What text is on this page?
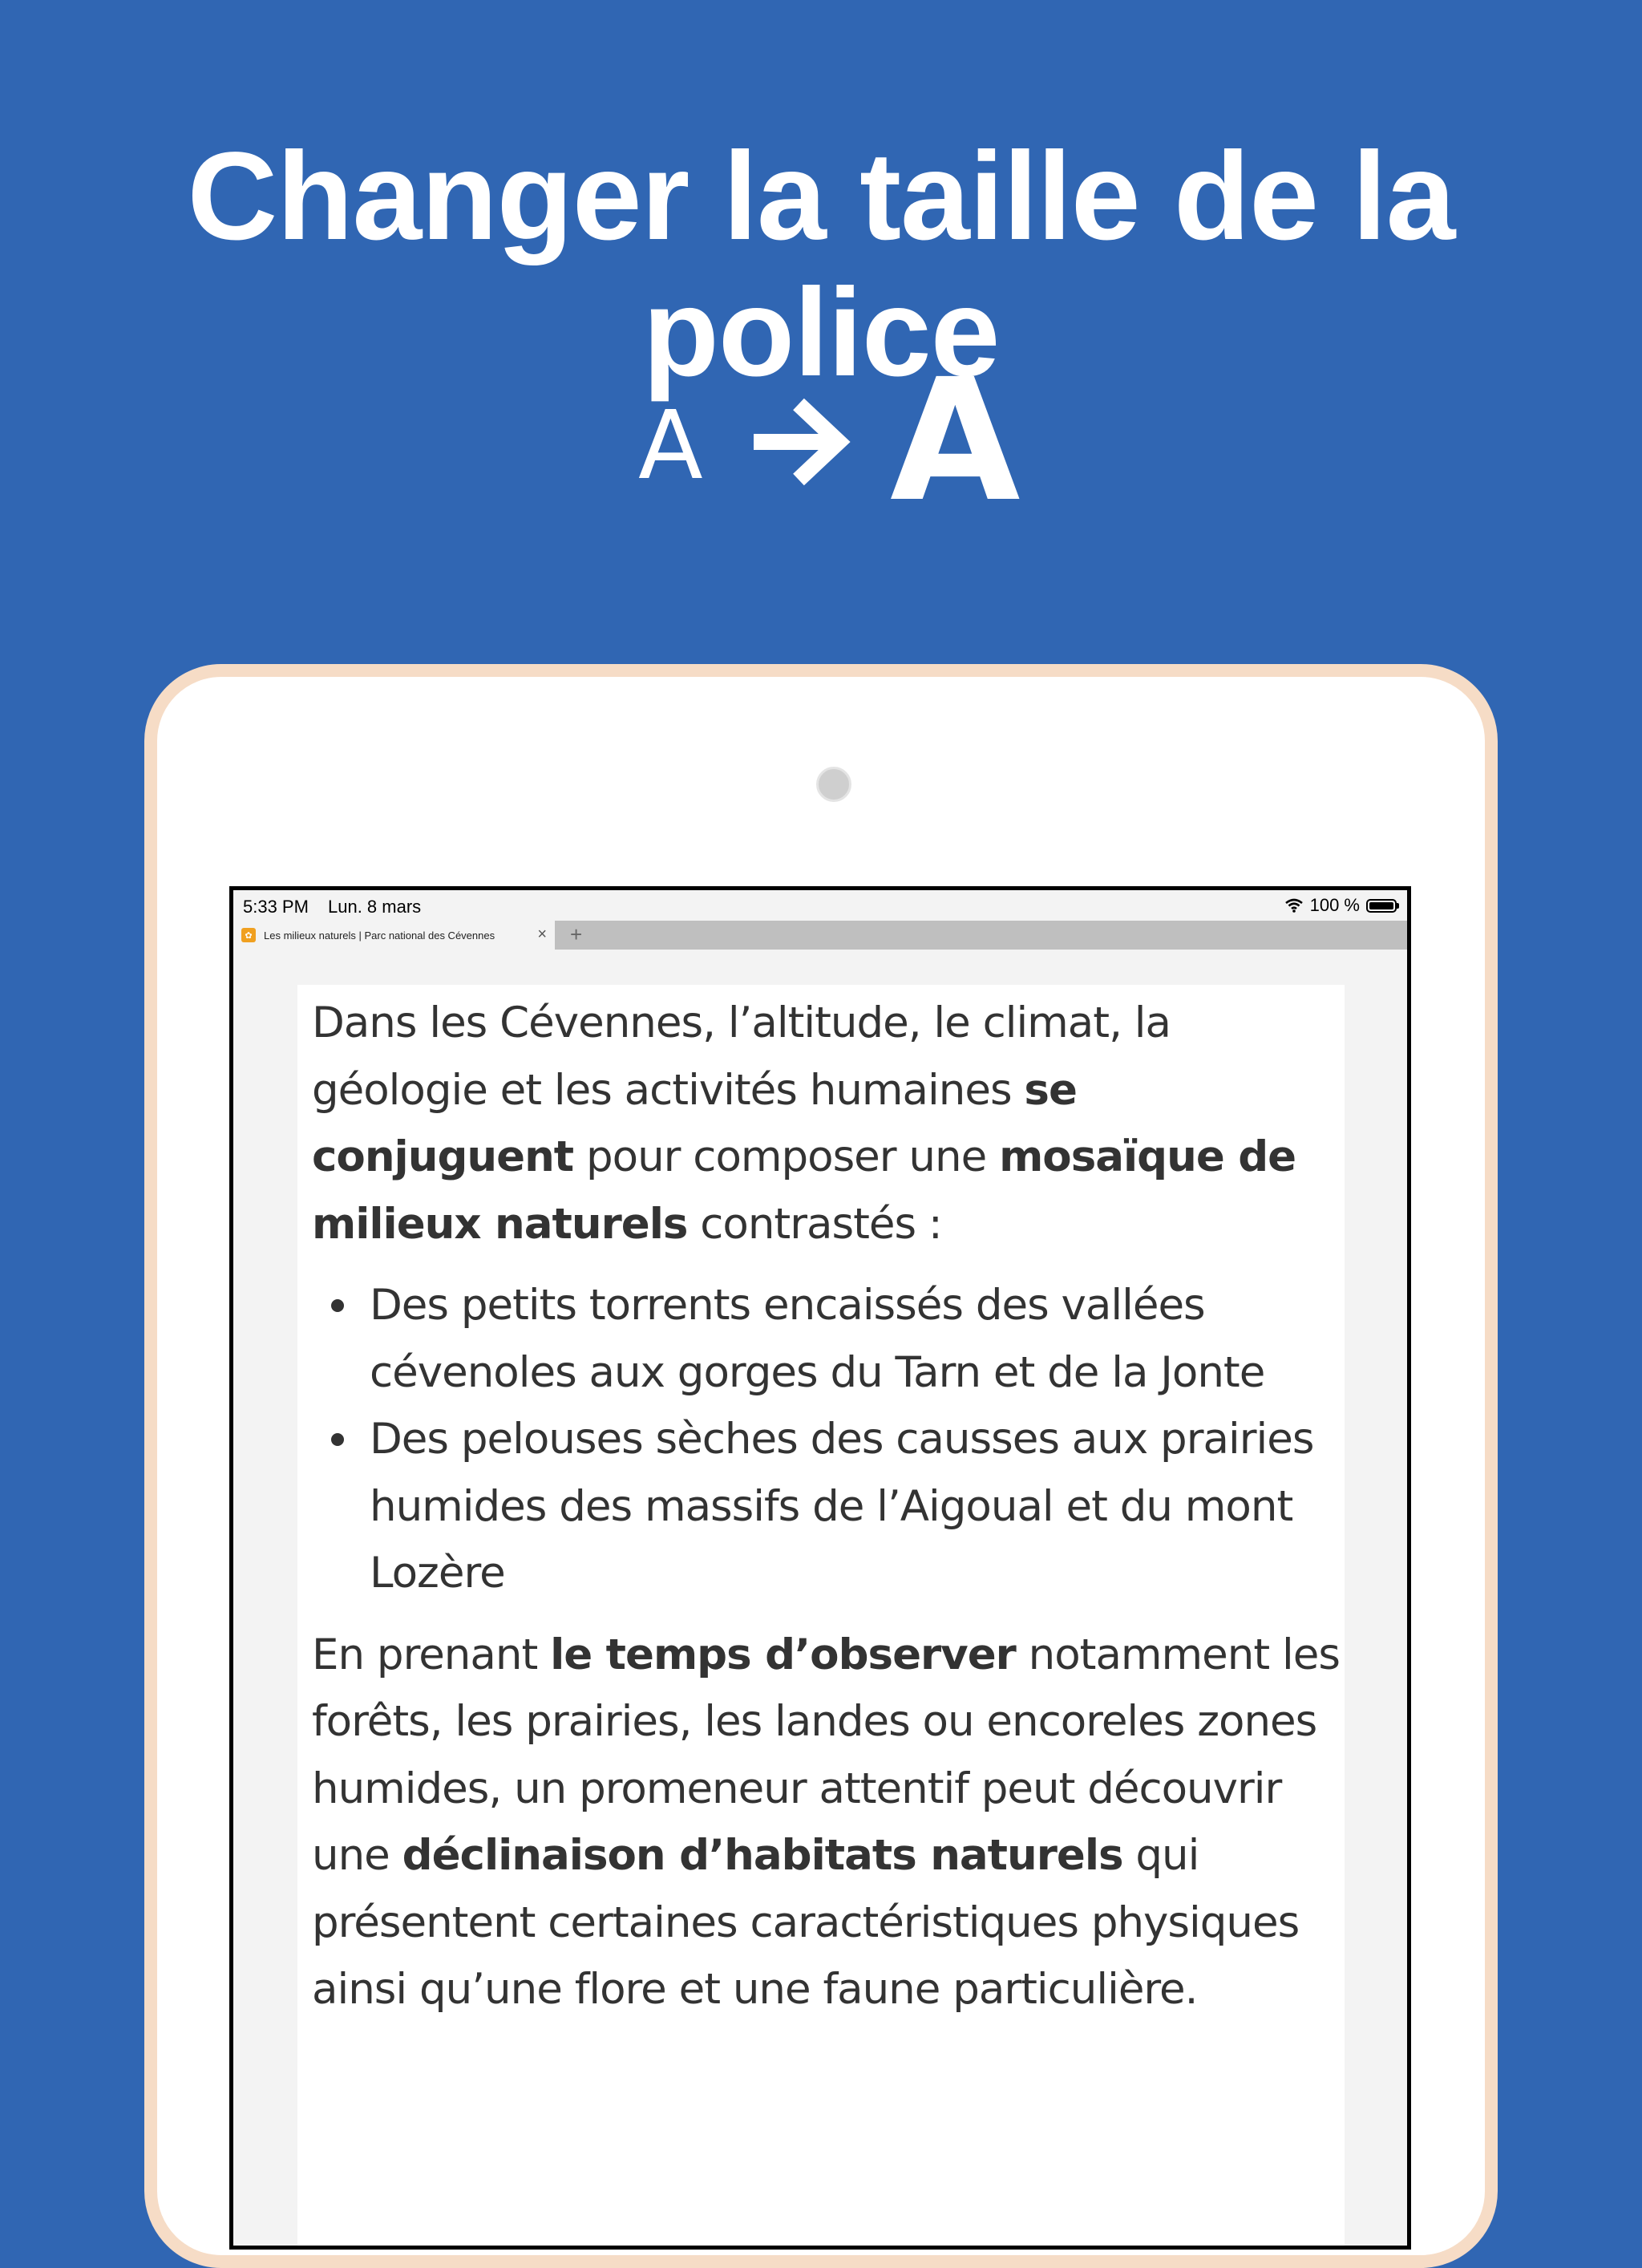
Changer la taille de la police
A A
5:33 PM Lun. 8 mars	100 %
✿	Les milieux naturels | Parc national des Cévennes	× +

Dans les Cévennes, l’altitude, le climat, la géologie et les activités humaines se conjuguent pour composer une mosaïque de milieux naturels contrastés :

Des petits torrents encaissés des vallées cévenoles aux gorges du Tarn et de la Jonte
Des pelouses sèches des causses aux prairies humides des massifs de l’Aigoual et du mont Lozère

En prenant le temps d’observer notamment les forêts, les prairies, les landes ou encoreles zones humides, un promeneur attentif peut découvrir une déclinaison d’habitats naturels qui présentent certaines caractéristiques physiques ainsi qu’une flore et une faune particulière.
